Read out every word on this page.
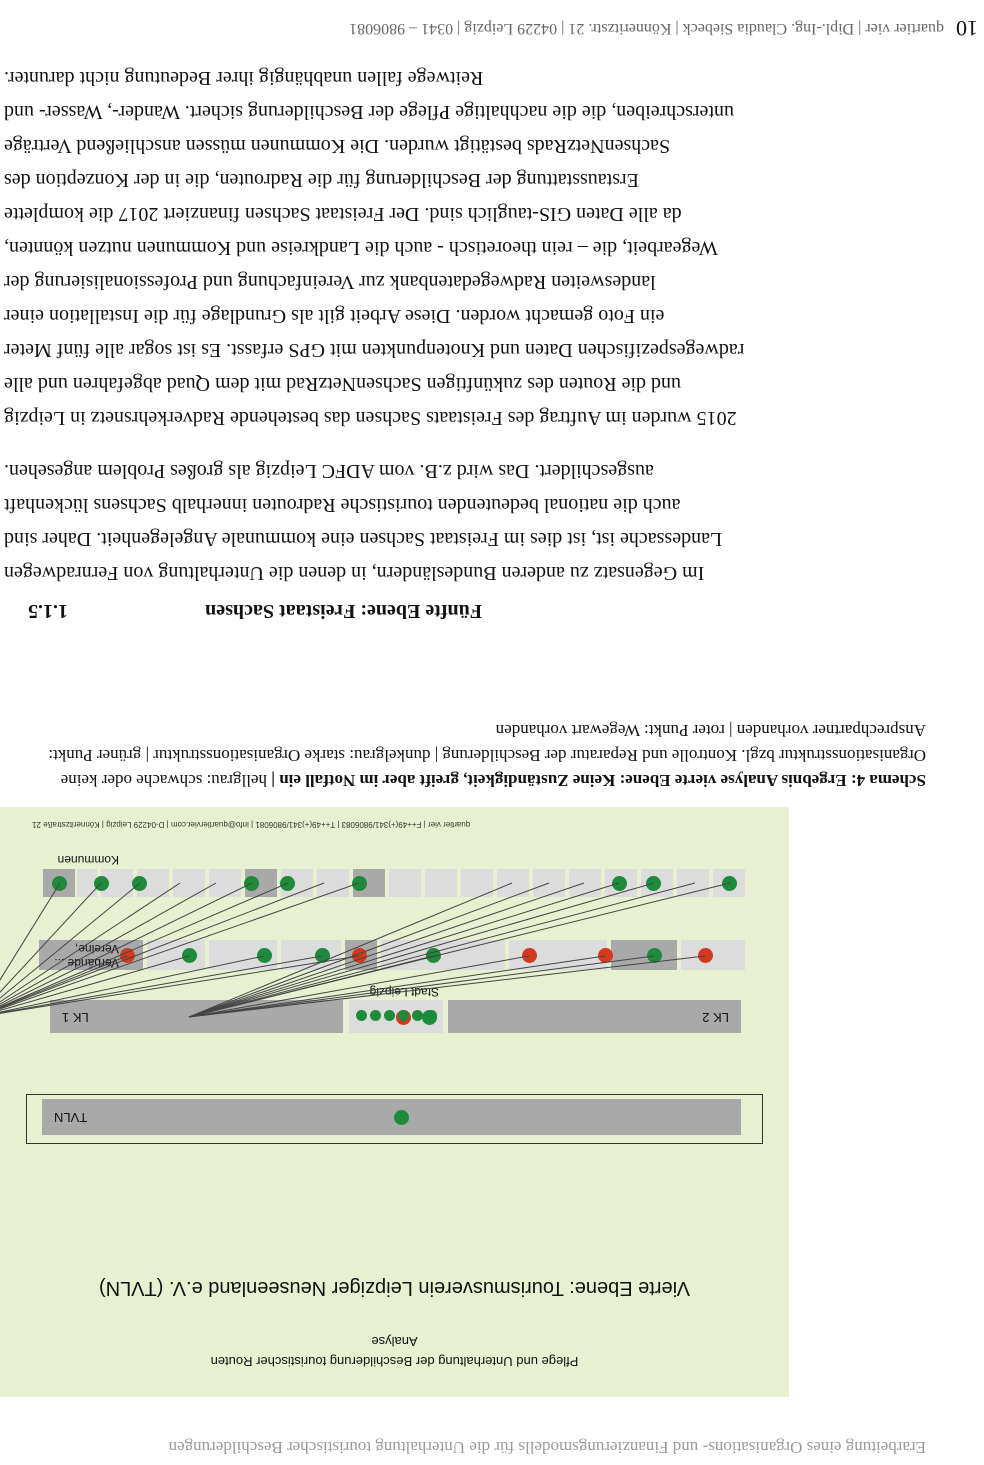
Erarbeitung eines Organisations- und Finanzierungsmodells für die Unterhaltung touristischer Beschilderungen
Pflege und Unterhaltung der Beschilderung touristischer Routen
Analyse
Vierte Ebene: Tourismusverein Leipziger Neuseenland e.V. (TVLN)
TVLN
LK 2
LK 1
Stadt Leipzig
Vereine,
Verbände ...
Kommunen
quartier vier | F++49(+)341/9806083 | T++49(+)341/9806081 | info@quartiervier.com | D-04229 Leipzig | Könneritzstraße 21
Schema 4: Ergebnis Analyse vierte Ebene: Keine Zuständigkeit, greift aber im Notfall ein | hellgrau: schwache oder keine Organisationsstruktur bzgl. Kontrolle und Reparatur der Beschilderung | dunkelgrau: starke Organisationsstruktur | grüner Punkt: Ansprechpartner vorhanden | roter Punkt: Wegewart vorhanden
1.1.5	Fünfte Ebene: Freistaat Sachsen
Im Gegensatz zu anderen Bundesländern, in denen die Unterhaltung von Fernradwegen
Landessache ist, ist dies im Freistaat Sachsen eine kommunale Angelegenheit. Daher sind
auch die national bedeutenden touristische Radrouten innerhalb Sachsens lückenhaft
ausgeschildert. Das wird z.B. vom ADFC Leipzig als großes Problem angesehen.
2015 wurden im Auftrag des Freistaats Sachsen das bestehende Radverkehrsnetz in Leipzig
und die Routen des zukünftigen SachsenNetzRad mit dem Quad abgefahren und alle
radwegespezifischen Daten und Knotenpunkten mit GPS erfasst. Es ist sogar alle fünf Meter
ein Foto gemacht worden. Diese Arbeit gilt als Grundlage für die Installation einer
landesweiten Radwegedatenbank zur Vereinfachung und Professionalisierung der
Wegearbeit, die – rein theoretisch - auch die Landkreise und Kommunen nutzen könnten,
da alle Daten GIS-tauglich sind. Der Freistaat Sachsen finanziert 2017 die komplette
Erstausstattung der Beschilderung für die Radrouten, die in der Konzeption des
SachsenNetzRads bestätigt wurden. Die Kommunen müssen anschließend Verträge
unterschreiben, die die nachhaltige Pflege der Beschilderung sichert. Wander-, Wasser- und
Reitwege fallen unabhängig ihrer Bedeutung nicht darunter.
10
quartier vier | Dipl.-Ing. Claudia Siebeck | Könneritzstr. 21 | 04229 Leipzig | 0341 – 9806081
